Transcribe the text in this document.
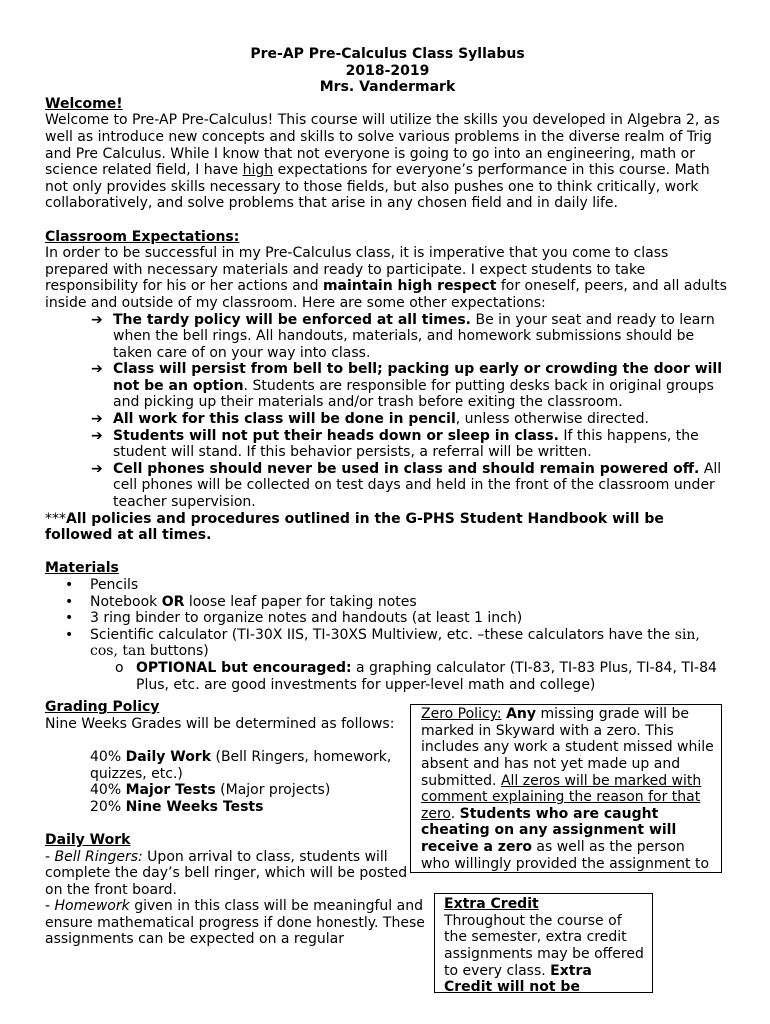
Pre-AP Pre-Calculus Class Syllabus
2018-2019
Mrs. Vandermark
Welcome!

Welcome to Pre-AP Pre-Calculus! This course will utilize the skills you developed in Algebra 2, as well as introduce new concepts and skills to solve various problems in the diverse realm of Trig and Pre Calculus. While I know that not everyone is going to go into an engineering, math or science related field, I have high expectations for everyone’s performance in this course. Math not only provides skills necessary to those fields, but also pushes one to think critically, work collaboratively, and solve problems that arise in any chosen field and in daily life.

Classroom Expectations:

In order to be successful in my Pre-Calculus class, it is imperative that you come to class prepared with necessary materials and ready to participate. I expect students to take responsibility for his or her actions and maintain high respect for oneself, peers, and all adults inside and outside of my classroom. Here are some other expectations:

➔ The tardy policy will be enforced at all times. Be in your seat and ready to learn when the bell rings. All handouts, materials, and homework submissions should be taken care of on your way into class.
➔ Class will persist from bell to bell; packing up early or crowding the door will not be an option. Students are responsible for putting desks back in original groups and picking up their materials and/or trash before exiting the classroom.
➔ All work for this class will be done in pencil, unless otherwise directed.
➔ Students will not put their heads down or sleep in class. If this happens, the student will stand. If this behavior persists, a referral will be written.
➔ Cell phones should never be used in class and should remain powered off. All cell phones will be collected on test days and held in the front of the classroom under teacher supervision.

***All policies and procedures outlined in the G-PHS Student Handbook will be followed at all times.

Materials
• Pencils
• Notebook OR loose leaf paper for taking notes
• 3 ring binder to organize notes and handouts (at least 1 inch)
• Scientific calculator (TI-30X IIS, TI-30XS Multiview, etc. –these calculators have the sin, cos, tan buttons)
o OPTIONAL but encouraged: a graphing calculator (TI-83, TI-83 Plus, TI-84, TI-84 Plus, etc. are good investments for upper-level math and college)
Grading Policy

Nine Weeks Grades will be determined as follows:

40% Daily Work (Bell Ringers, homework, quizzes, etc.)

40% Major Tests (Major projects)

20% Nine Weeks Tests

Daily Work

- Bell Ringers: Upon arrival to class, students will complete the day’s bell ringer, which will be posted on the front board.

- Homework given in this class will be meaningful and ensure mathematical progress if done honestly. These assignments can be expected on a regular

Zero Policy: Any missing grade will be marked in Skyward with a zero. This includes any work a student missed while absent and has not yet made up and submitted. All zeros will be marked with comment explaining the reason for that zero. Students who are caught cheating on any assignment will receive a zero as well as the person who willingly provided the assignment to
Extra Credit
Throughout the course of the semester, extra credit assignments may be offered to every class. Extra Credit will not be
